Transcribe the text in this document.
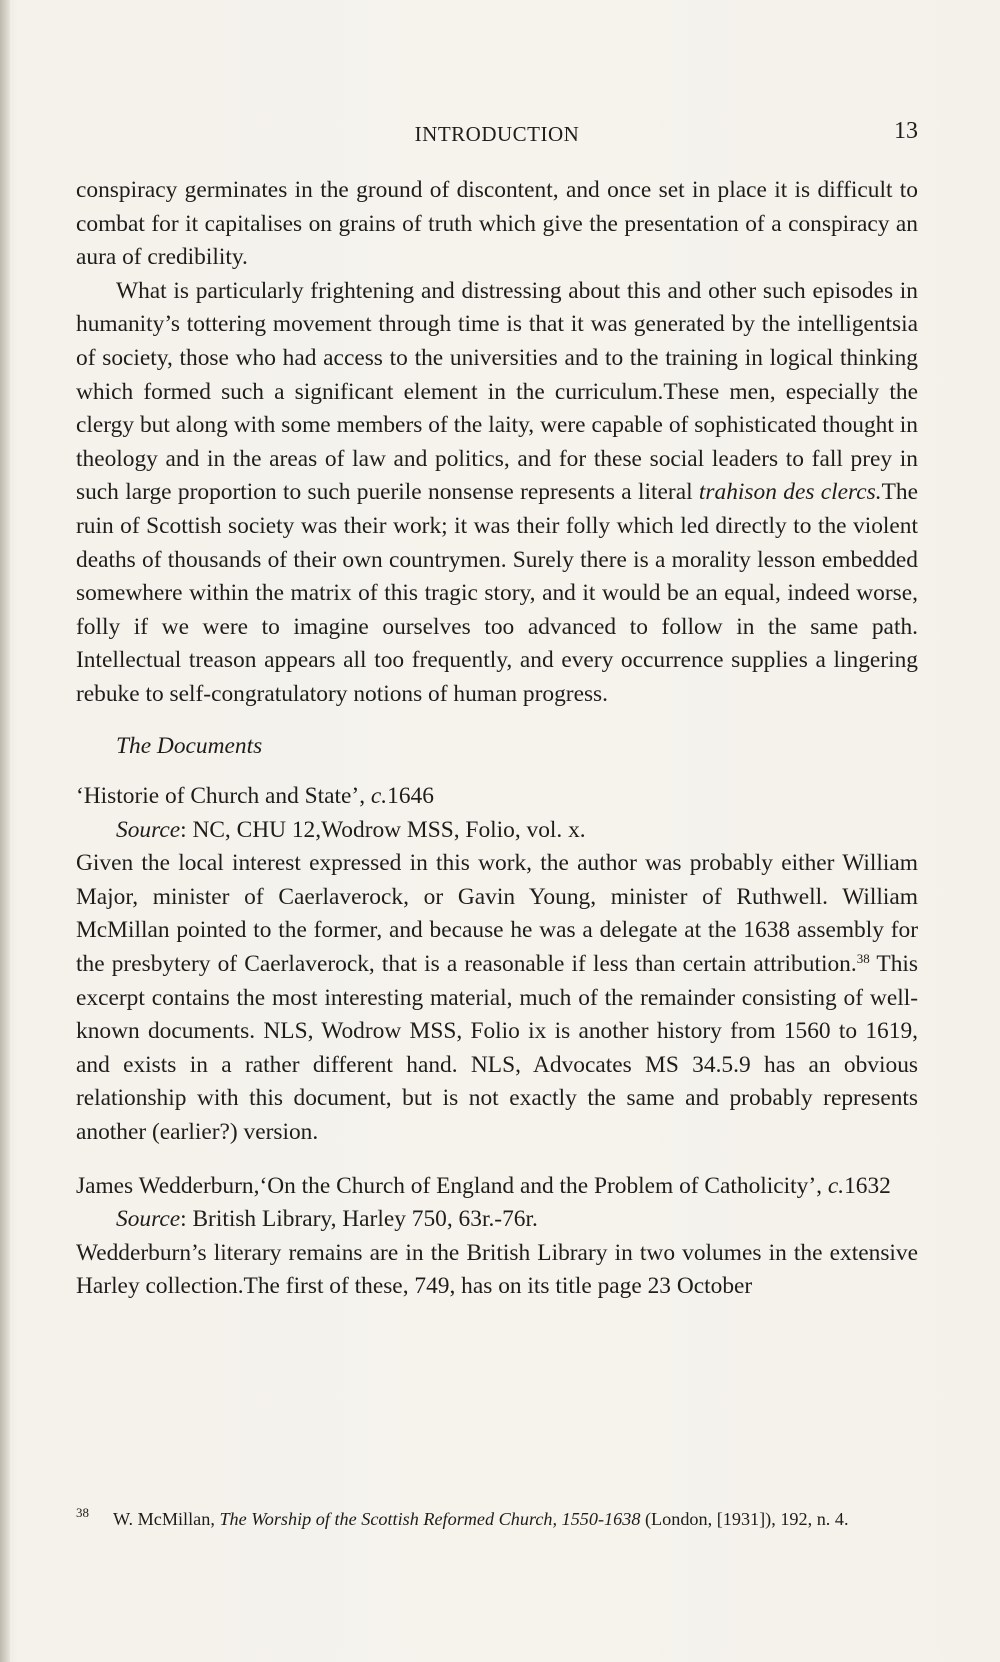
INTRODUCTION	13

conspiracy germinates in the ground of discontent, and once set in place it is difficult to combat for it capitalises on grains of truth which give the presentation of a conspiracy an aura of credibility.

What is particularly frightening and distressing about this and other such episodes in humanity’s tottering movement through time is that it was generated by the intelligentsia of society, those who had access to the universities and to the training in logical thinking which formed such a significant element in the curriculum.These men, especially the clergy but along with some members of the laity, were capable of sophisticated thought in theology and in the areas of law and politics, and for these social leaders to fall prey in such large proportion to such puerile nonsense represents a literal trahison des clercs.The ruin of Scottish society was their work; it was their folly which led directly to the violent deaths of thousands of their own countrymen. Surely there is a morality lesson embedded somewhere within the matrix of this tragic story, and it would be an equal, indeed worse, folly if we were to imagine ourselves too advanced to follow in the same path. Intellectual treason appears all too frequently, and every occurrence supplies a lingering rebuke to self-congratulatory notions of human progress.

The Documents

‘Historie of Church and State’, c.1646

Source: NC, CHU 12,Wodrow MSS, Folio, vol. x.

Given the local interest expressed in this work, the author was probably either William Major, minister of Caerlaverock, or Gavin Young, minister of Ruthwell. William McMillan pointed to the former, and because he was a delegate at the 1638 assembly for the presbytery of Caerlaverock, that is a reasonable if less than certain attribution.$^{38}$ This excerpt contains the most interesting material, much of the remainder consisting of well-known documents. NLS, Wodrow MSS, Folio ix is another history from 1560 to 1619, and exists in a rather different hand. NLS, Advocates MS 34.5.9 has an obvious relationship with this document, but is not exactly the same and probably represents another (earlier?) version.

James Wedderburn,‘On the Church of England and the Problem of Catholicity’, c.1632

Source: British Library, Harley 750, 63r.-76r.

Wedderburn’s literary remains are in the British Library in two volumes in the extensive Harley collection.The first of these, 749, has on its title page 23 October

$^{38}$ W. McMillan, The Worship of the Scottish Reformed Church, 1550-1638 (London, [1931]), 192, n. 4.
